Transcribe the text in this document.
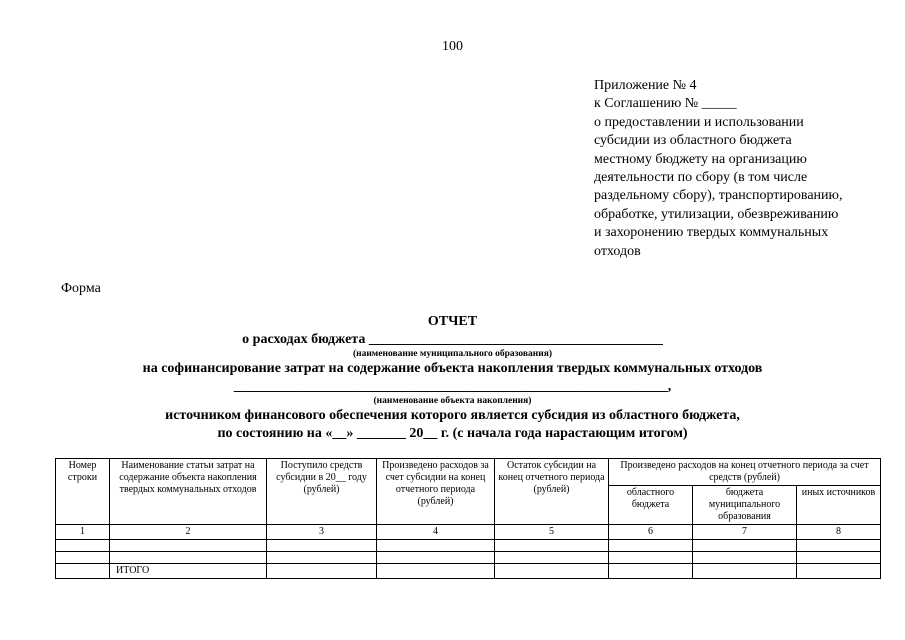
100
Приложение № 4
к Соглашению № _____
о предоставлении и использовании
субсидии из областного бюджета
местному бюджету на организацию
деятельности по сбору (в том числе
раздельному сбору), транспортированию,
обработке, утилизации, обезвреживанию
и захоронению твердых коммунальных
отходов
Форма
ОТЧЕТ
о расходах бюджета __________________________________________
(наименование муниципального образования)
на софинансирование затрат на содержание объекта накопления твердых коммунальных отходов
______________________________________________________________,
(наименование объекта накопления)
источником финансового обеспечения которого является субсидия из областного бюджета,
по состоянию на «__» _______ 20__ г. (с начала года нарастающим итогом)
Номер строки	Наименование статьи затрат на содержание объекта накопления твердых коммунальных отходов	Поступило средств субсидии в 20__ году (рублей)	Произведено расходов за счет субсидии на конец отчетного периода (рублей)	Остаток субсидии на конец отчетного периода (рублей)	Произведено расходов на конец отчетного периода за счет средств (рублей)		
					областного бюджета	бюджета муниципального образования	иных источников
1	2	3	4	5	6	7	8

	ИТОГО						
